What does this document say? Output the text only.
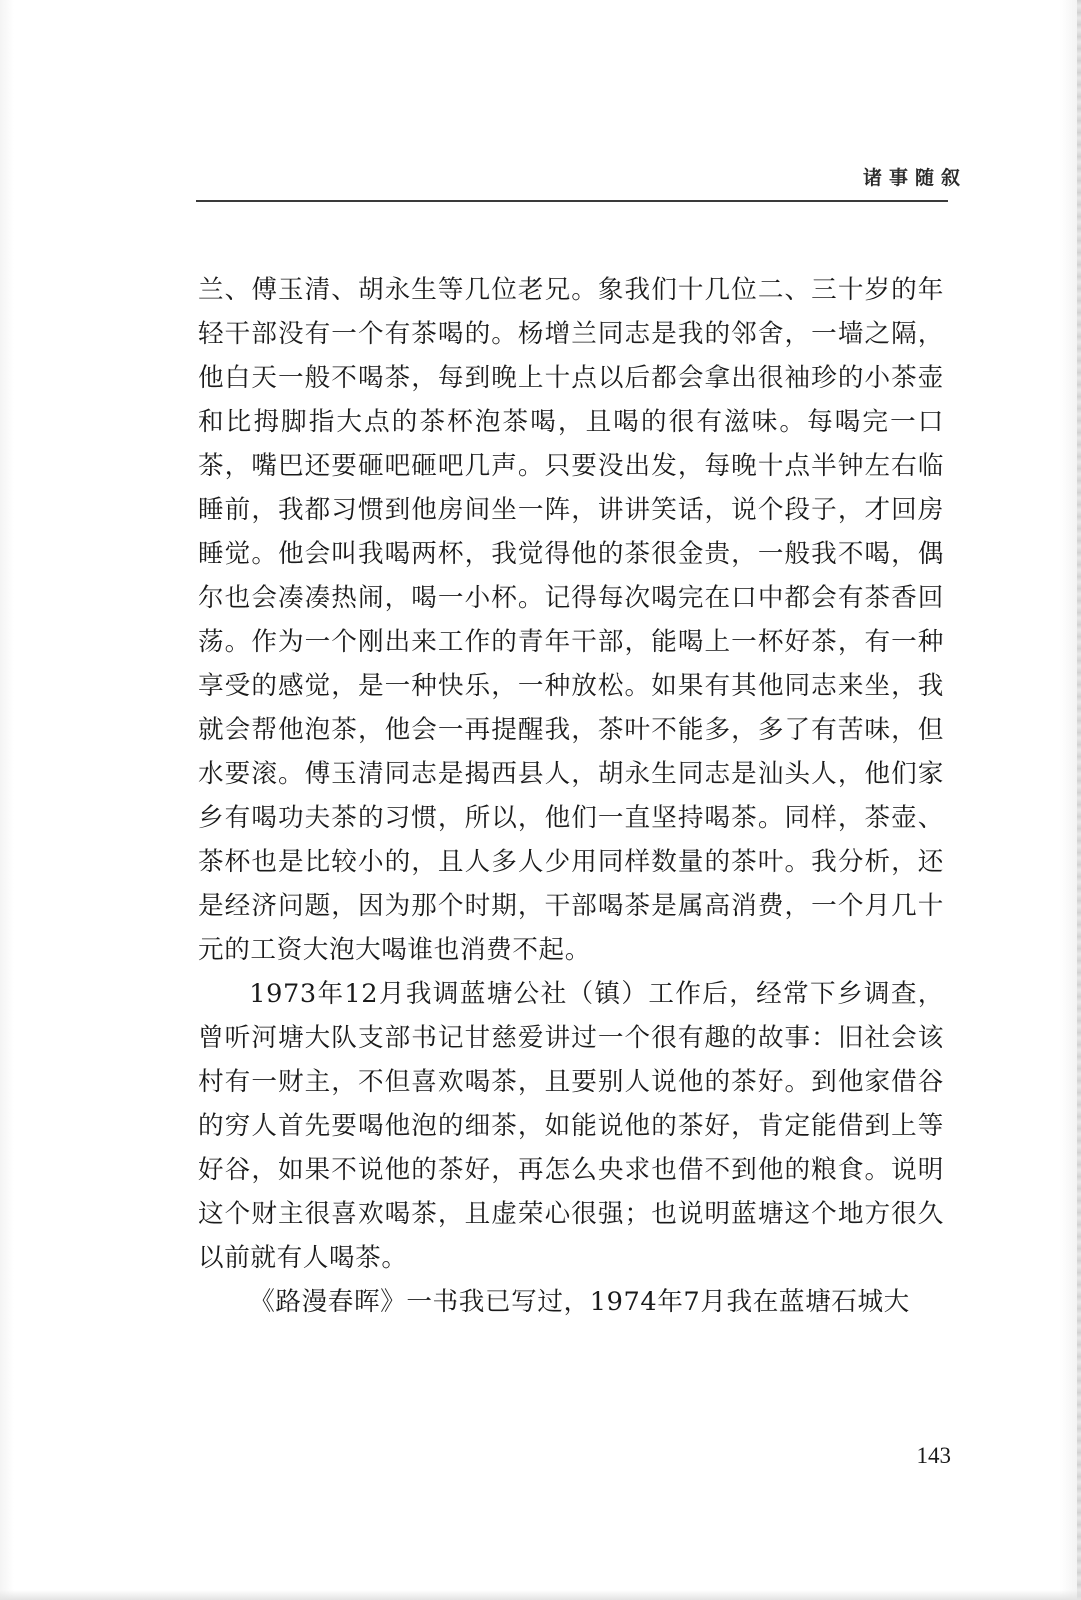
诸事随叙

兰、傅玉清、胡永生等几位老兄。象我们十几位二、三十岁的年轻干部没有一个有茶喝的。杨增兰同志是我的邻舍，一墙之隔，他白天一般不喝茶，每到晚上十点以后都会拿出很袖珍的小茶壶和比拇脚指大点的茶杯泡茶喝，且喝的很有滋味。每喝完一口茶，嘴巴还要砸吧砸吧几声。只要没出发，每晚十点半钟左右临睡前，我都习惯到他房间坐一阵，讲讲笑话，说个段子，才回房睡觉。他会叫我喝两杯，我觉得他的茶很金贵，一般我不喝，偶尔也会凑凑热闹，喝一小杯。记得每次喝完在口中都会有茶香回荡。作为一个刚出来工作的青年干部，能喝上一杯好茶，有一种享受的感觉，是一种快乐，一种放松。如果有其他同志来坐，我就会帮他泡茶，他会一再提醒我，茶叶不能多，多了有苦味，但水要滚。傅玉清同志是揭西县人，胡永生同志是汕头人，他们家乡有喝功夫茶的习惯，所以，他们一直坚持喝茶。同样，茶壶、茶杯也是比较小的，且人多人少用同样数量的茶叶。我分析，还是经济问题，因为那个时期，干部喝茶是属高消费，一个月几十元的工资大泡大喝谁也消费不起。

1973年12月我调蓝塘公社（镇）工作后，经常下乡调查，曾听河塘大队支部书记甘慈爱讲过一个很有趣的故事：旧社会该村有一财主，不但喜欢喝茶，且要别人说他的茶好。到他家借谷的穷人首先要喝他泡的细茶，如能说他的茶好，肯定能借到上等好谷，如果不说他的茶好，再怎么央求也借不到他的粮食。说明这个财主很喜欢喝茶，且虚荣心很强；也说明蓝塘这个地方很久以前就有人喝茶。

《路漫春晖》一书我已写过，1974年7月我在蓝塘石城大

143
